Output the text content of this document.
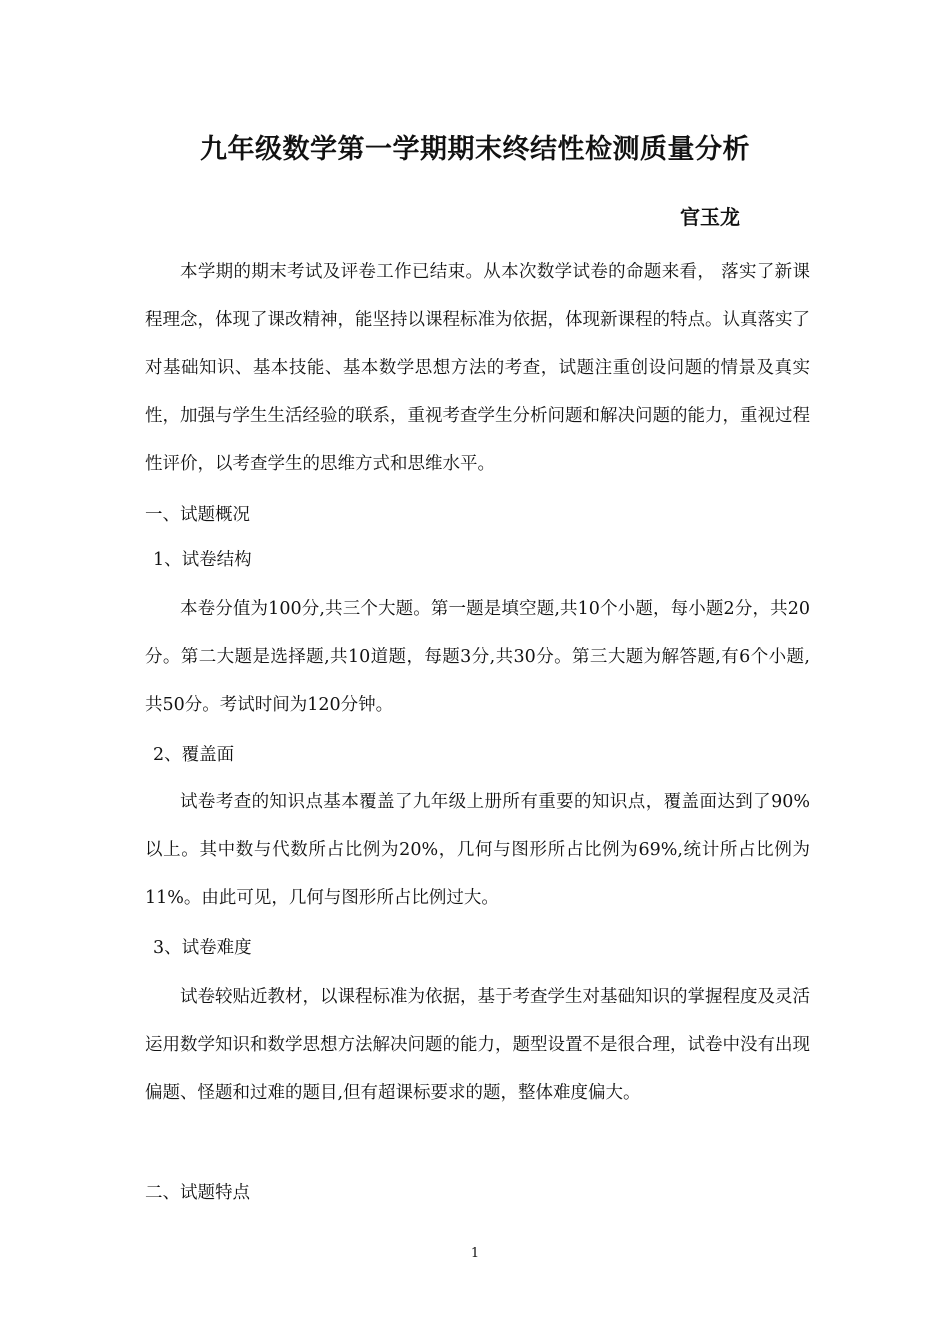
九年级数学第一学期期末终结性检测质量分析
官玉龙

本学期的期末考试及评卷工作已结束。从本次数学试卷的命题来看， 落实了新课程理念，体现了课改精神，能坚持以课程标准为依据，体现新课程的特点。认真落实了对基础知识、基本技能、基本数学思想方法的考查，试题注重创设问题的情景及真实性，加强与学生生活经验的联系，重视考查学生分析问题和解决问题的能力，重视过程性评价，以考查学生的思维方式和思维水平。

一、试题概况

1、试卷结构

本卷分值为100分,共三个大题。第一题是填空题,共10个小题，每小题2分，共20分。第二大题是选择题,共10道题，每题3分,共30分。第三大题为解答题,有6个小题,共50分。考试时间为120分钟。

2、覆盖面

试卷考查的知识点基本覆盖了九年级上册所有重要的知识点，覆盖面达到了90%以上。其中数与代数所占比例为20%，几何与图形所占比例为69%,统计所占比例为11%。由此可见，几何与图形所占比例过大。

3、试卷难度

试卷较贴近教材，以课程标准为依据，基于考查学生对基础知识的掌握程度及灵活运用数学知识和数学思想方法解决问题的能力，题型设置不是很合理，试卷中没有出现偏题、怪题和过难的题目,但有超课标要求的题，整体难度偏大。

二、试题特点

1
